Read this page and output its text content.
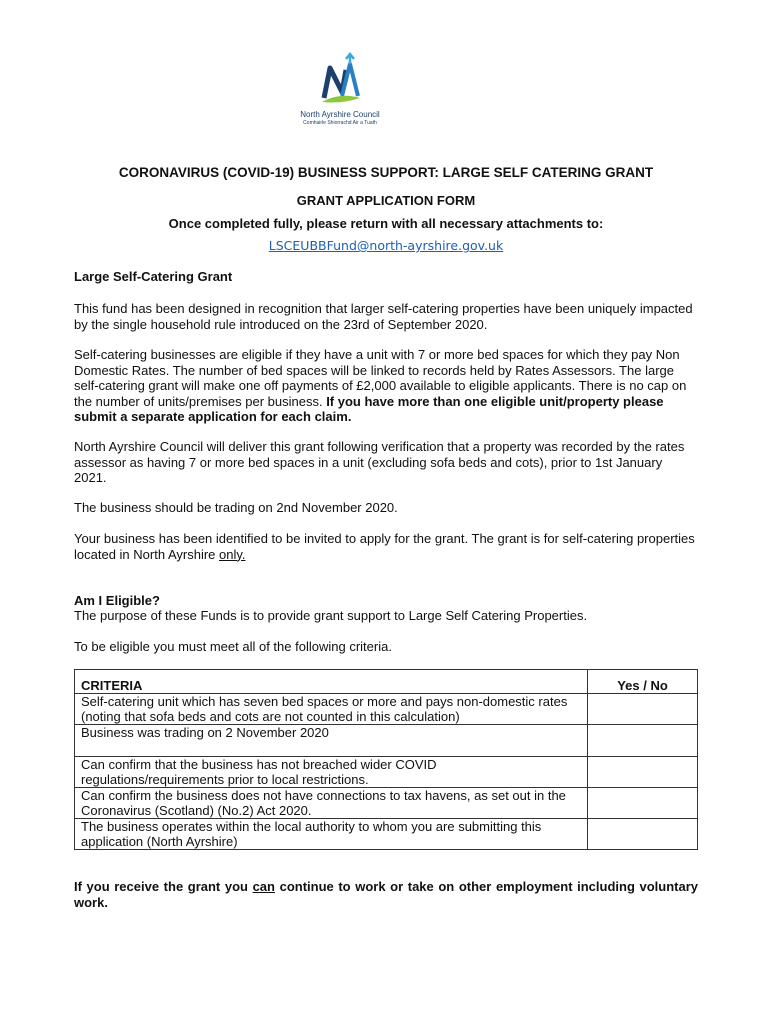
North Ayrshire Council
Comhairle Shiorrachd Air a Tuath
CORONAVIRUS (COVID-19) BUSINESS SUPPORT: LARGE SELF CATERING GRANT
GRANT APPLICATION FORM
Once completed fully, please return with all necessary attachments to:
LSCEUBBFund@north-ayrshire.gov.uk
Large Self-Catering Grant

This fund has been designed in recognition that larger self-catering properties have been uniquely impacted by the single household rule introduced on the 23rd of September 2020.

Self-catering businesses are eligible if they have a unit with 7 or more bed spaces for which they pay Non Domestic Rates. The number of bed spaces will be linked to records held by Rates Assessors. The large self-catering grant will make one off payments of £2,000 available to eligible applicants. There is no cap on the number of units/premises per business. If you have more than one eligible unit/property please submit a separate application for each claim.

North Ayrshire Council will deliver this grant following verification that a property was recorded by the rates assessor as having 7 or more bed spaces in a unit (excluding sofa beds and cots), prior to 1st January 2021.

The business should be trading on 2nd November 2020.

Your business has been identified to be invited to apply for the grant. The grant is for self-catering properties located in North Ayrshire only.

Am I Eligible?

The purpose of these Funds is to provide grant support to Large Self Catering Properties.

To be eligible you must meet all of the following criteria.

CRITERIA	Yes / No
Self-catering unit which has seven bed spaces or more and pays non-domestic rates (noting that sofa beds and cots are not counted in this calculation)	
Business was trading on 2 November 2020	
Can confirm that the business has not breached wider COVID regulations/requirements prior to local restrictions.	
Can confirm the business does not have connections to tax havens, as set out in the Coronavirus (Scotland) (No.2) Act 2020.	
The business operates within the local authority to whom you are submitting this application (North Ayrshire)	

If you receive the grant you can continue to work or take on other employment including voluntary work.
